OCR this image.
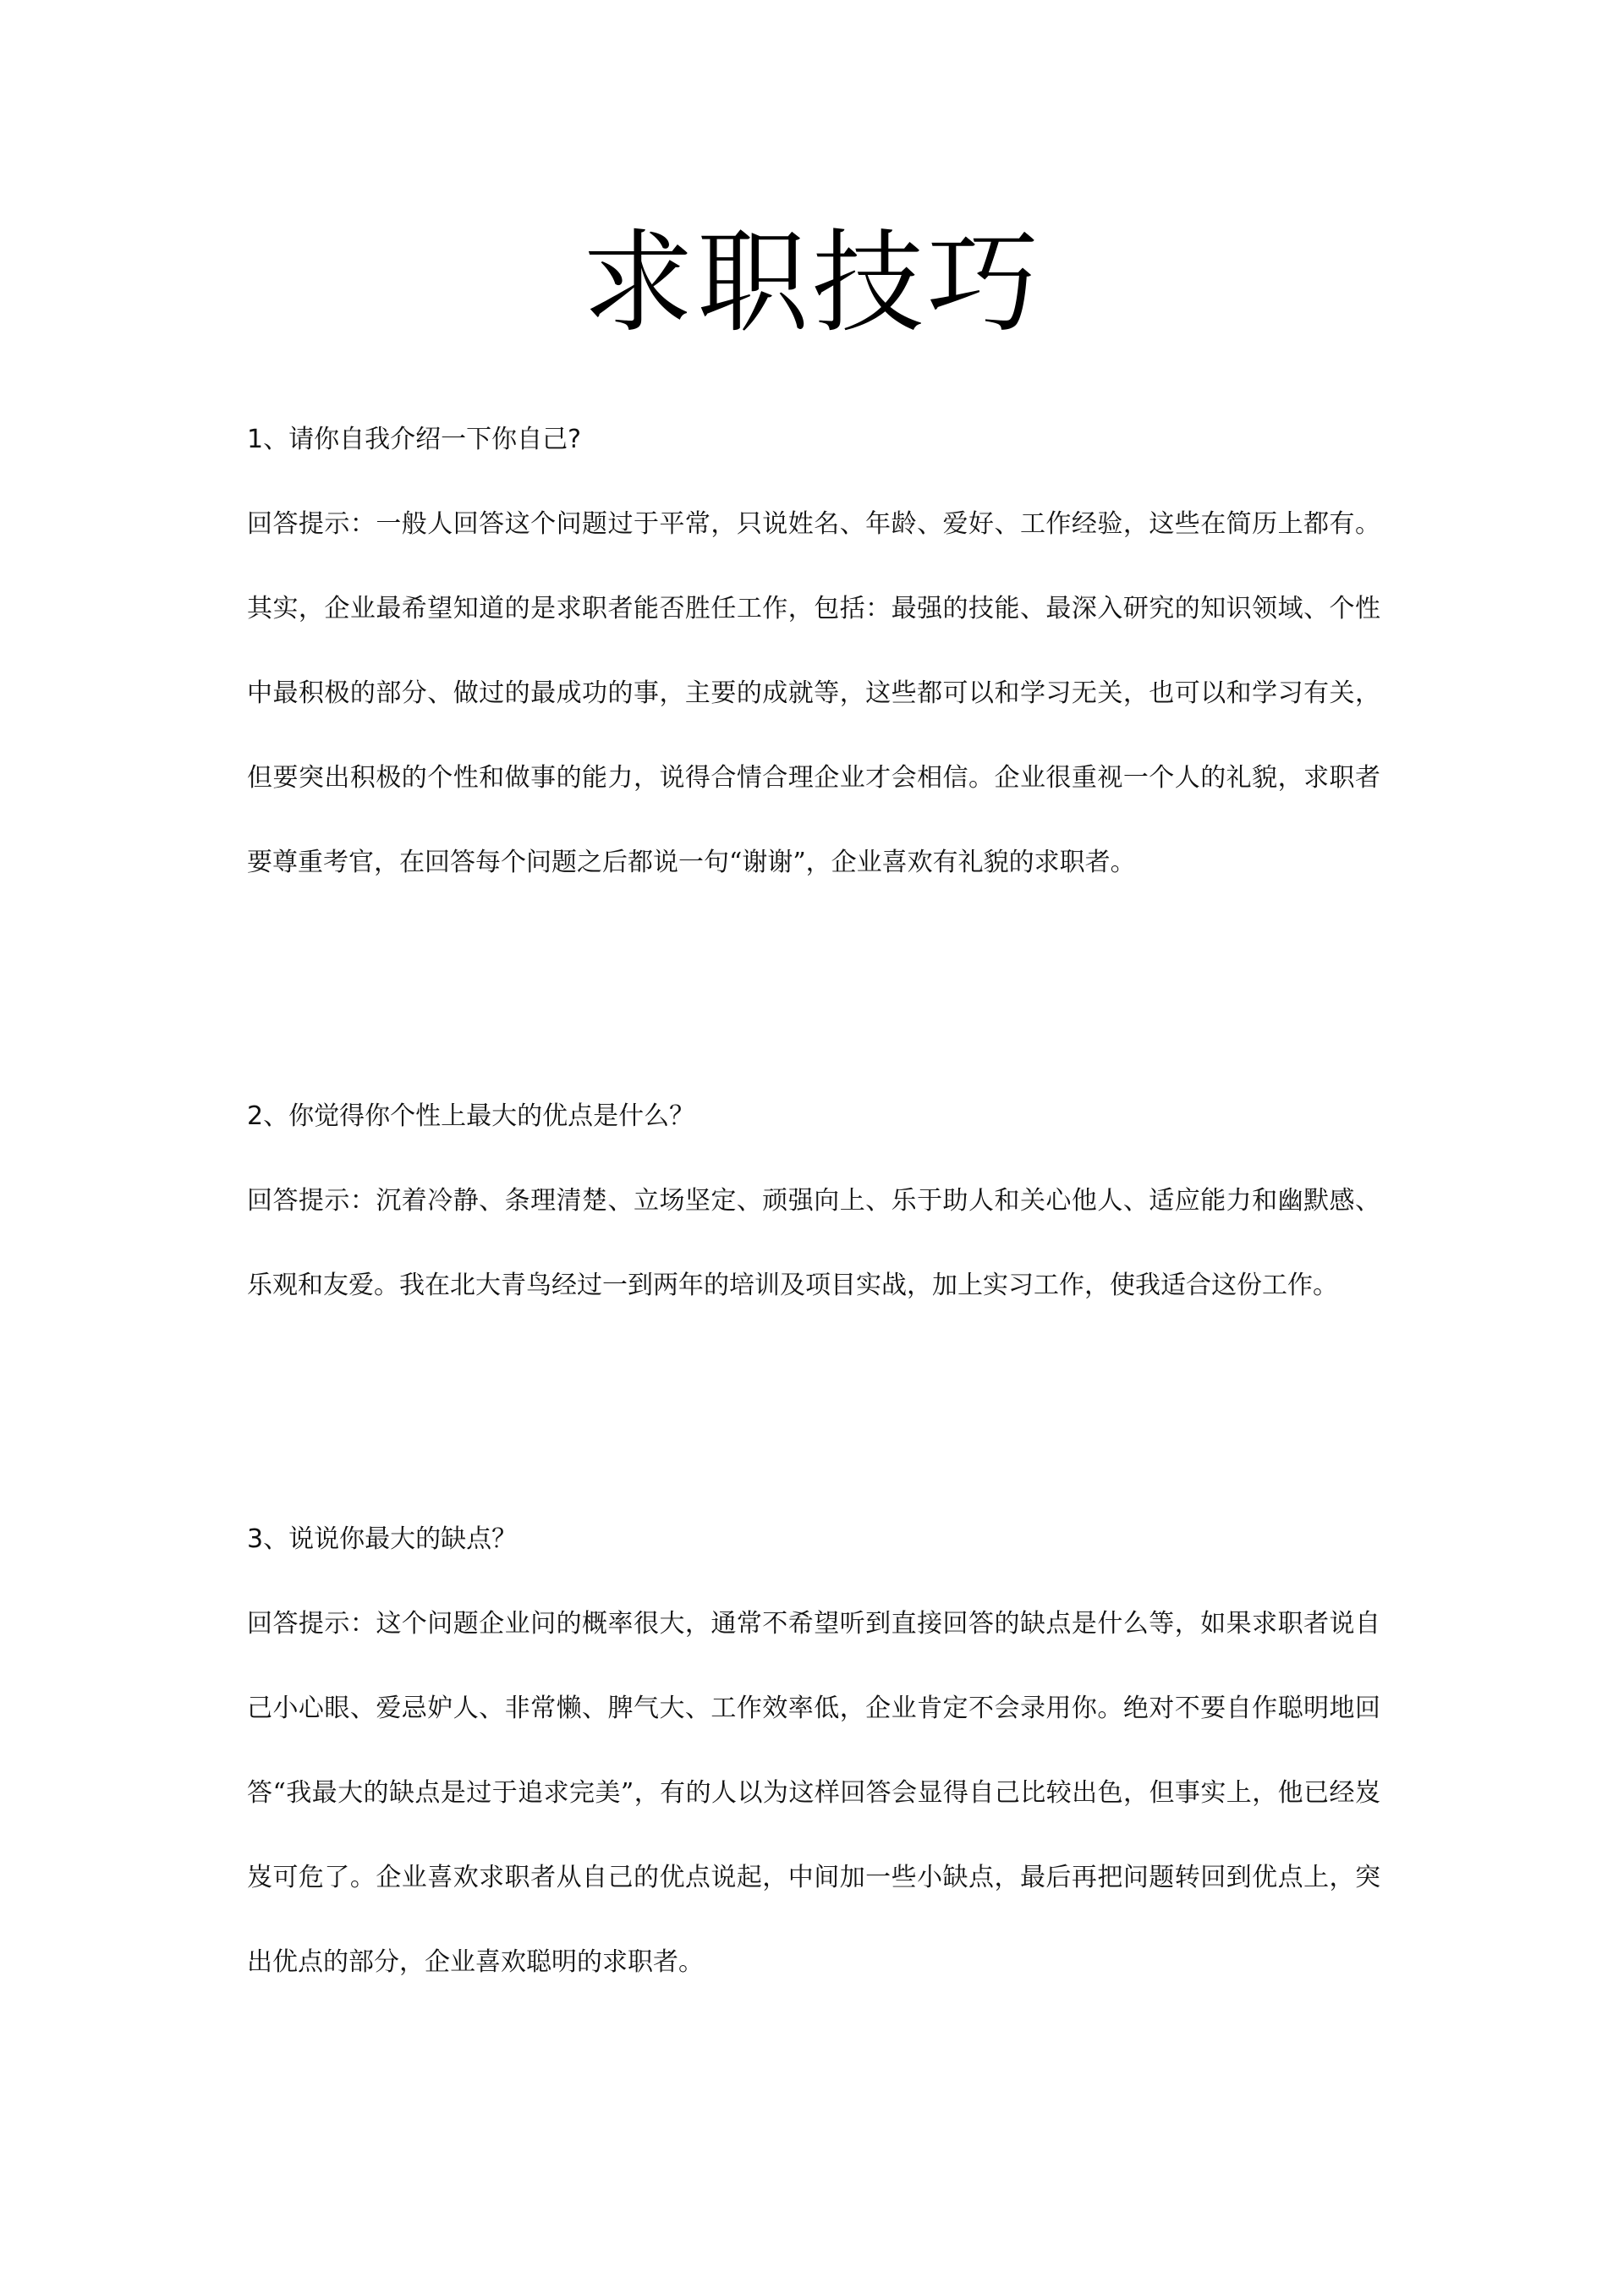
求职技巧

1、请你自我介绍一下你自己?

回答提示：一般人回答这个问题过于平常，只说姓名、年龄、爱好、工作经验，这些在简历上都有。其实，企业最希望知道的是求职者能否胜任工作，包括：最强的技能、最深入研究的知识领域、个性中最积极的部分、做过的最成功的事，主要的成就等，这些都可以和学习无关，也可以和学习有关，但要突出积极的个性和做事的能力，说得合情合理企业才会相信。企业很重视一个人的礼貌，求职者要尊重考官，在回答每个问题之后都说一句“谢谢”，企业喜欢有礼貌的求职者。

2、你觉得你个性上最大的优点是什么？

回答提示：沉着冷静、条理清楚、立场坚定、顽强向上、乐于助人和关心他人、适应能力和幽默感、乐观和友爱。我在北大青鸟经过一到两年的培训及项目实战，加上实习工作，使我适合这份工作。

3、说说你最大的缺点？

回答提示：这个问题企业问的概率很大，通常不希望听到直接回答的缺点是什么等，如果求职者说自己小心眼、爱忌妒人、非常懒、脾气大、工作效率低，企业肯定不会录用你。绝对不要自作聪明地回答“我最大的缺点是过于追求完美”，有的人以为这样回答会显得自己比较出色，但事实上，他已经岌岌可危了。企业喜欢求职者从自己的优点说起，中间加一些小缺点，最后再把问题转回到优点上，突出优点的部分，企业喜欢聪明的求职者。
